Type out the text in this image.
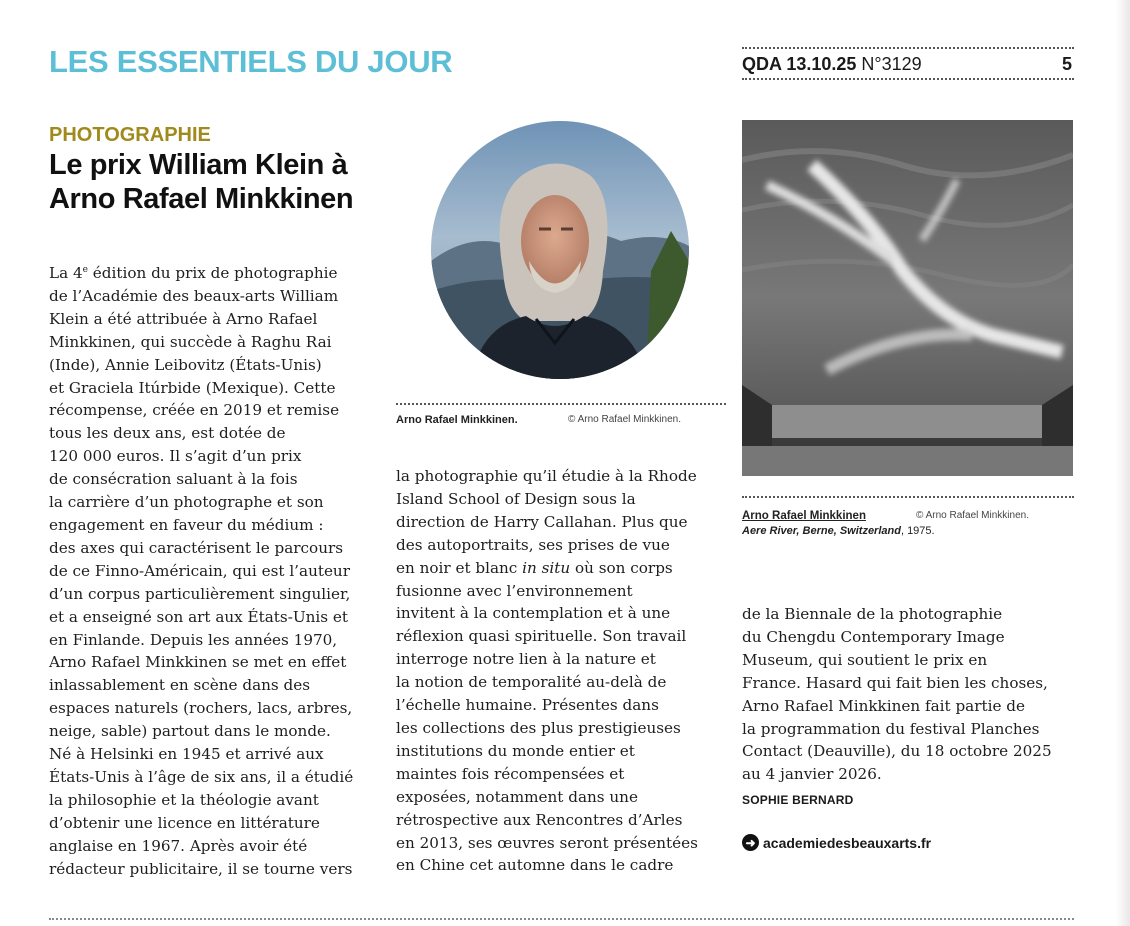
LES ESSENTIELS DU JOUR	QDA 13.10.25 N°3129	5
PHOTOGRAPHIE
Le prix William Klein à Arno Rafael Minkkinen
La 4e édition du prix de photographie
de l’Académie des beaux-arts William
Klein a été attribuée à Arno Rafael
Minkkinen, qui succède à Raghu Rai
(Inde), Annie Leibovitz (États-Unis)
et Graciela Itúrbide (Mexique). Cette
récompense, créée en 2019 et remise
tous les deux ans, est dotée de
120 000 euros. Il s’agit d’un prix
de consécration saluant à la fois
la carrière d’un photographe et son
engagement en faveur du médium :
des axes qui caractérisent le parcours
de ce Finno-Américain, qui est l’auteur
d’un corpus particulièrement singulier,
et a enseigné son art aux États-Unis et
en Finlande. Depuis les années 1970,
Arno Rafael Minkkinen se met en effet
inlassablement en scène dans des
espaces naturels (rochers, lacs, arbres,
neige, sable) partout dans le monde.
Né à Helsinki en 1945 et arrivé aux
États-Unis à l’âge de six ans, il a étudié
la philosophie et la théologie avant
d’obtenir une licence en littérature
anglaise en 1967. Après avoir été
rédacteur publicitaire, il se tourne vers

Arno Rafael Minkkinen.	© Arno Rafael Minkkinen.
la photographie qu’il étudie à la Rhode
Island School of Design sous la
direction de Harry Callahan. Plus que
des autoportraits, ses prises de vue
en noir et blanc in situ où son corps
fusionne avec l’environnement
invitent à la contemplation et à une
réflexion quasi spirituelle. Son travail
interroge notre lien à la nature et
la notion de temporalité au-delà de
l’échelle humaine. Présentes dans
les collections des plus prestigieuses
institutions du monde entier et
maintes fois récompensées et
exposées, notamment dans une
rétrospective aux Rencontres d’Arles
en 2013, ses œuvres seront présentées
en Chine cet automne dans le cadre
Arno Rafael Minkkinen
Aere River, Berne, Switzerland, 1975.
© Arno Rafael Minkkinen.
de la Biennale de la photographie
du Chengdu Contemporary Image
Museum, qui soutient le prix en
France. Hasard qui fait bien les choses,
Arno Rafael Minkkinen fait partie de
la programmation du festival Planches
Contact (Deauville), du 18 octobre 2025
au 4 janvier 2026.
SOPHIE BERNARD
➜ academiedesbeauxarts.fr
